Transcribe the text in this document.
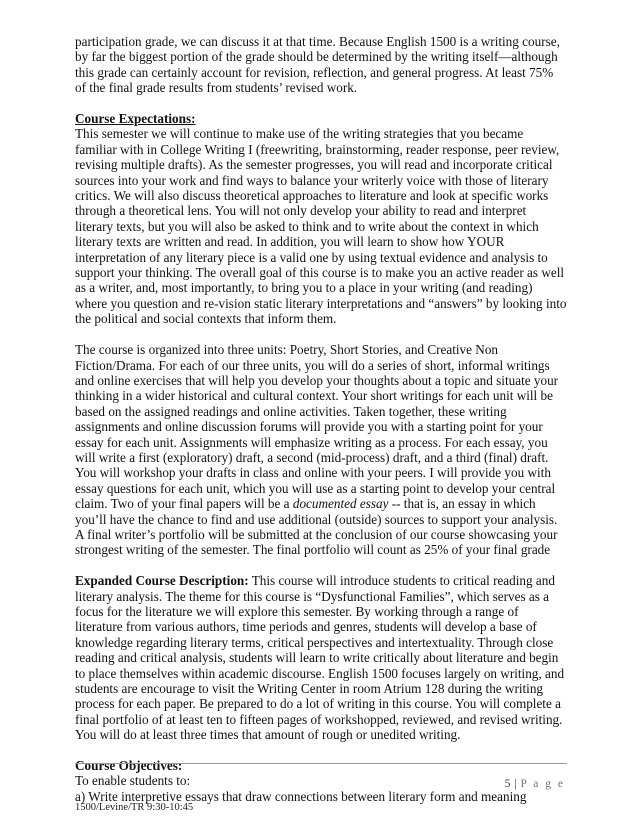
participation grade, we can discuss it at that time. Because English 1500 is a writing course, by far the biggest portion of the grade should be determined by the writing itself—although this grade can certainly account for revision, reflection, and general progress. At least 75% of the final grade results from students’ revised work.

Course Expectations:

This semester we will continue to make use of the writing strategies that you became familiar with in College Writing I (freewriting, brainstorming, reader response, peer review, revising multiple drafts). As the semester progresses, you will read and incorporate critical sources into your work and find ways to balance your writerly voice with those of literary critics. We will also discuss theoretical approaches to literature and look at specific works through a theoretical lens. You will not only develop your ability to read and interpret literary texts, but you will also be asked to think and to write about the context in which literary texts are written and read. In addition, you will learn to show how YOUR interpretation of any literary piece is a valid one by using textual evidence and analysis to support your thinking. The overall goal of this course is to make you an active reader as well as a writer, and, most importantly, to bring you to a place in your writing (and reading) where you question and re-vision static literary interpretations and “answers” by looking into the political and social contexts that inform them.

The course is organized into three units: Poetry, Short Stories, and Creative Non Fiction/Drama. For each of our three units, you will do a series of short, informal writings and online exercises that will help you develop your thoughts about a topic and situate your thinking in a wider historical and cultural context. Your short writings for each unit will be based on the assigned readings and online activities. Taken together, these writing assignments and online discussion forums will provide you with a starting point for your essay for each unit. Assignments will emphasize writing as a process. For each essay, you will write a first (exploratory) draft, a second (mid-process) draft, and a third (final) draft. You will workshop your drafts in class and online with your peers. I will provide you with essay questions for each unit, which you will use as a starting point to develop your central claim. Two of your final papers will be a documented essay -- that is, an essay in which you’ll have the chance to find and use additional (outside) sources to support your analysis. A final writer’s portfolio will be submitted at the conclusion of our course showcasing your strongest writing of the semester. The final portfolio will count as 25% of your final grade

Expanded Course Description: This course will introduce students to critical reading and literary analysis. The theme for this course is “Dysfunctional Families”, which serves as a focus for the literature we will explore this semester. By working through a range of literature from various authors, time periods and genres, students will develop a base of knowledge regarding literary terms, critical perspectives and intertextuality. Through close reading and critical analysis, students will learn to write critically about literature and begin to place themselves within academic discourse. English 1500 focuses largely on writing, and students are encourage to visit the Writing Center in room Atrium 128 during the writing process for each paper. Be prepared to do a lot of writing in this course. You will complete a final portfolio of at least ten to fifteen pages of workshopped, reviewed, and revised writing. You will do at least three times that amount of rough or unedited writing.

Course Objectives:

To enable students to:

a) Write interpretive essays that draw connections between literary form and meaning

5 | P a g e
1500/Levine/TR 9:30-10:45
